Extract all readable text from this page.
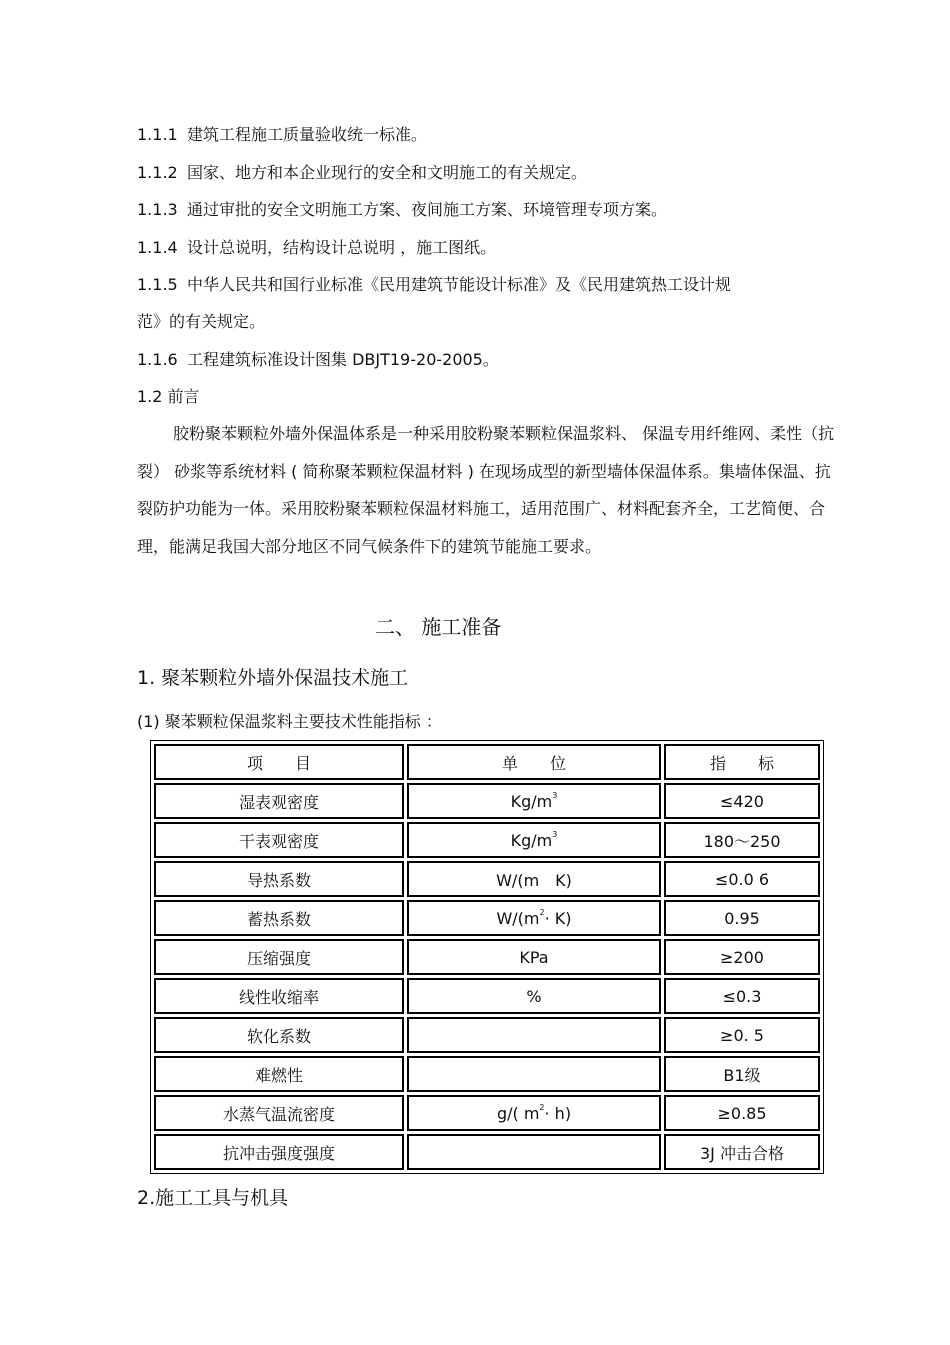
1.1.1 建筑工程施工质量验收统一标准。
1.1.2 国家、地方和本企业现行的安全和文明施工的有关规定。
1.1.3 通过审批的安全文明施工方案、夜间施工方案、环境管理专项方案。
1.1.4 设计总说明，结构设计总说明 ，施工图纸。
1.1.5 中华人民共和国行业标准《民用建筑节能设计标准》及《民用建筑热工设计规
范》的有关规定。
1.1.6 工程建筑标准设计图集 DBJT19-20-2005。
1.2 前言

胶粉聚苯颗粒外墙外保温体系是一种采用胶粉聚苯颗粒保温浆料、 保温专用纤维网、柔性（抗裂） 砂浆等系统材料 ( 简称聚苯颗粒保温材料 ) 在现场成型的新型墙体保温体系。集墙体保温、抗裂防护功能为一体。采用胶粉聚苯颗粒保温材料施工，适用范围广、材料配套齐全，工艺简便、合理，能满足我国大部分地区不同气候条件下的建筑节能施工要求。

二、 施工准备
1. 聚苯颗粒外墙外保温技术施工
(1) 聚苯颗粒保温浆料主要技术性能指标 ：
项　　目	单　　位	指　　标
湿表观密度	$Kg/m^3$	≤420
干表观密度	$Kg/m^3$	180～250
导热系数	W/(m　K)	≤0.0 6
蓄热系数	$W/(m^2\cdot K)$	0.95
压缩强度	KPa	≥200
线性收缩率	%	≤0.3
软化系数		≥0. 5
难燃性		B1级
水蒸气温流密度	g/( $m^2\cdot h$)	≥0.85
抗冲击强度强度		3J 冲击合格
2.施工工具与机具
